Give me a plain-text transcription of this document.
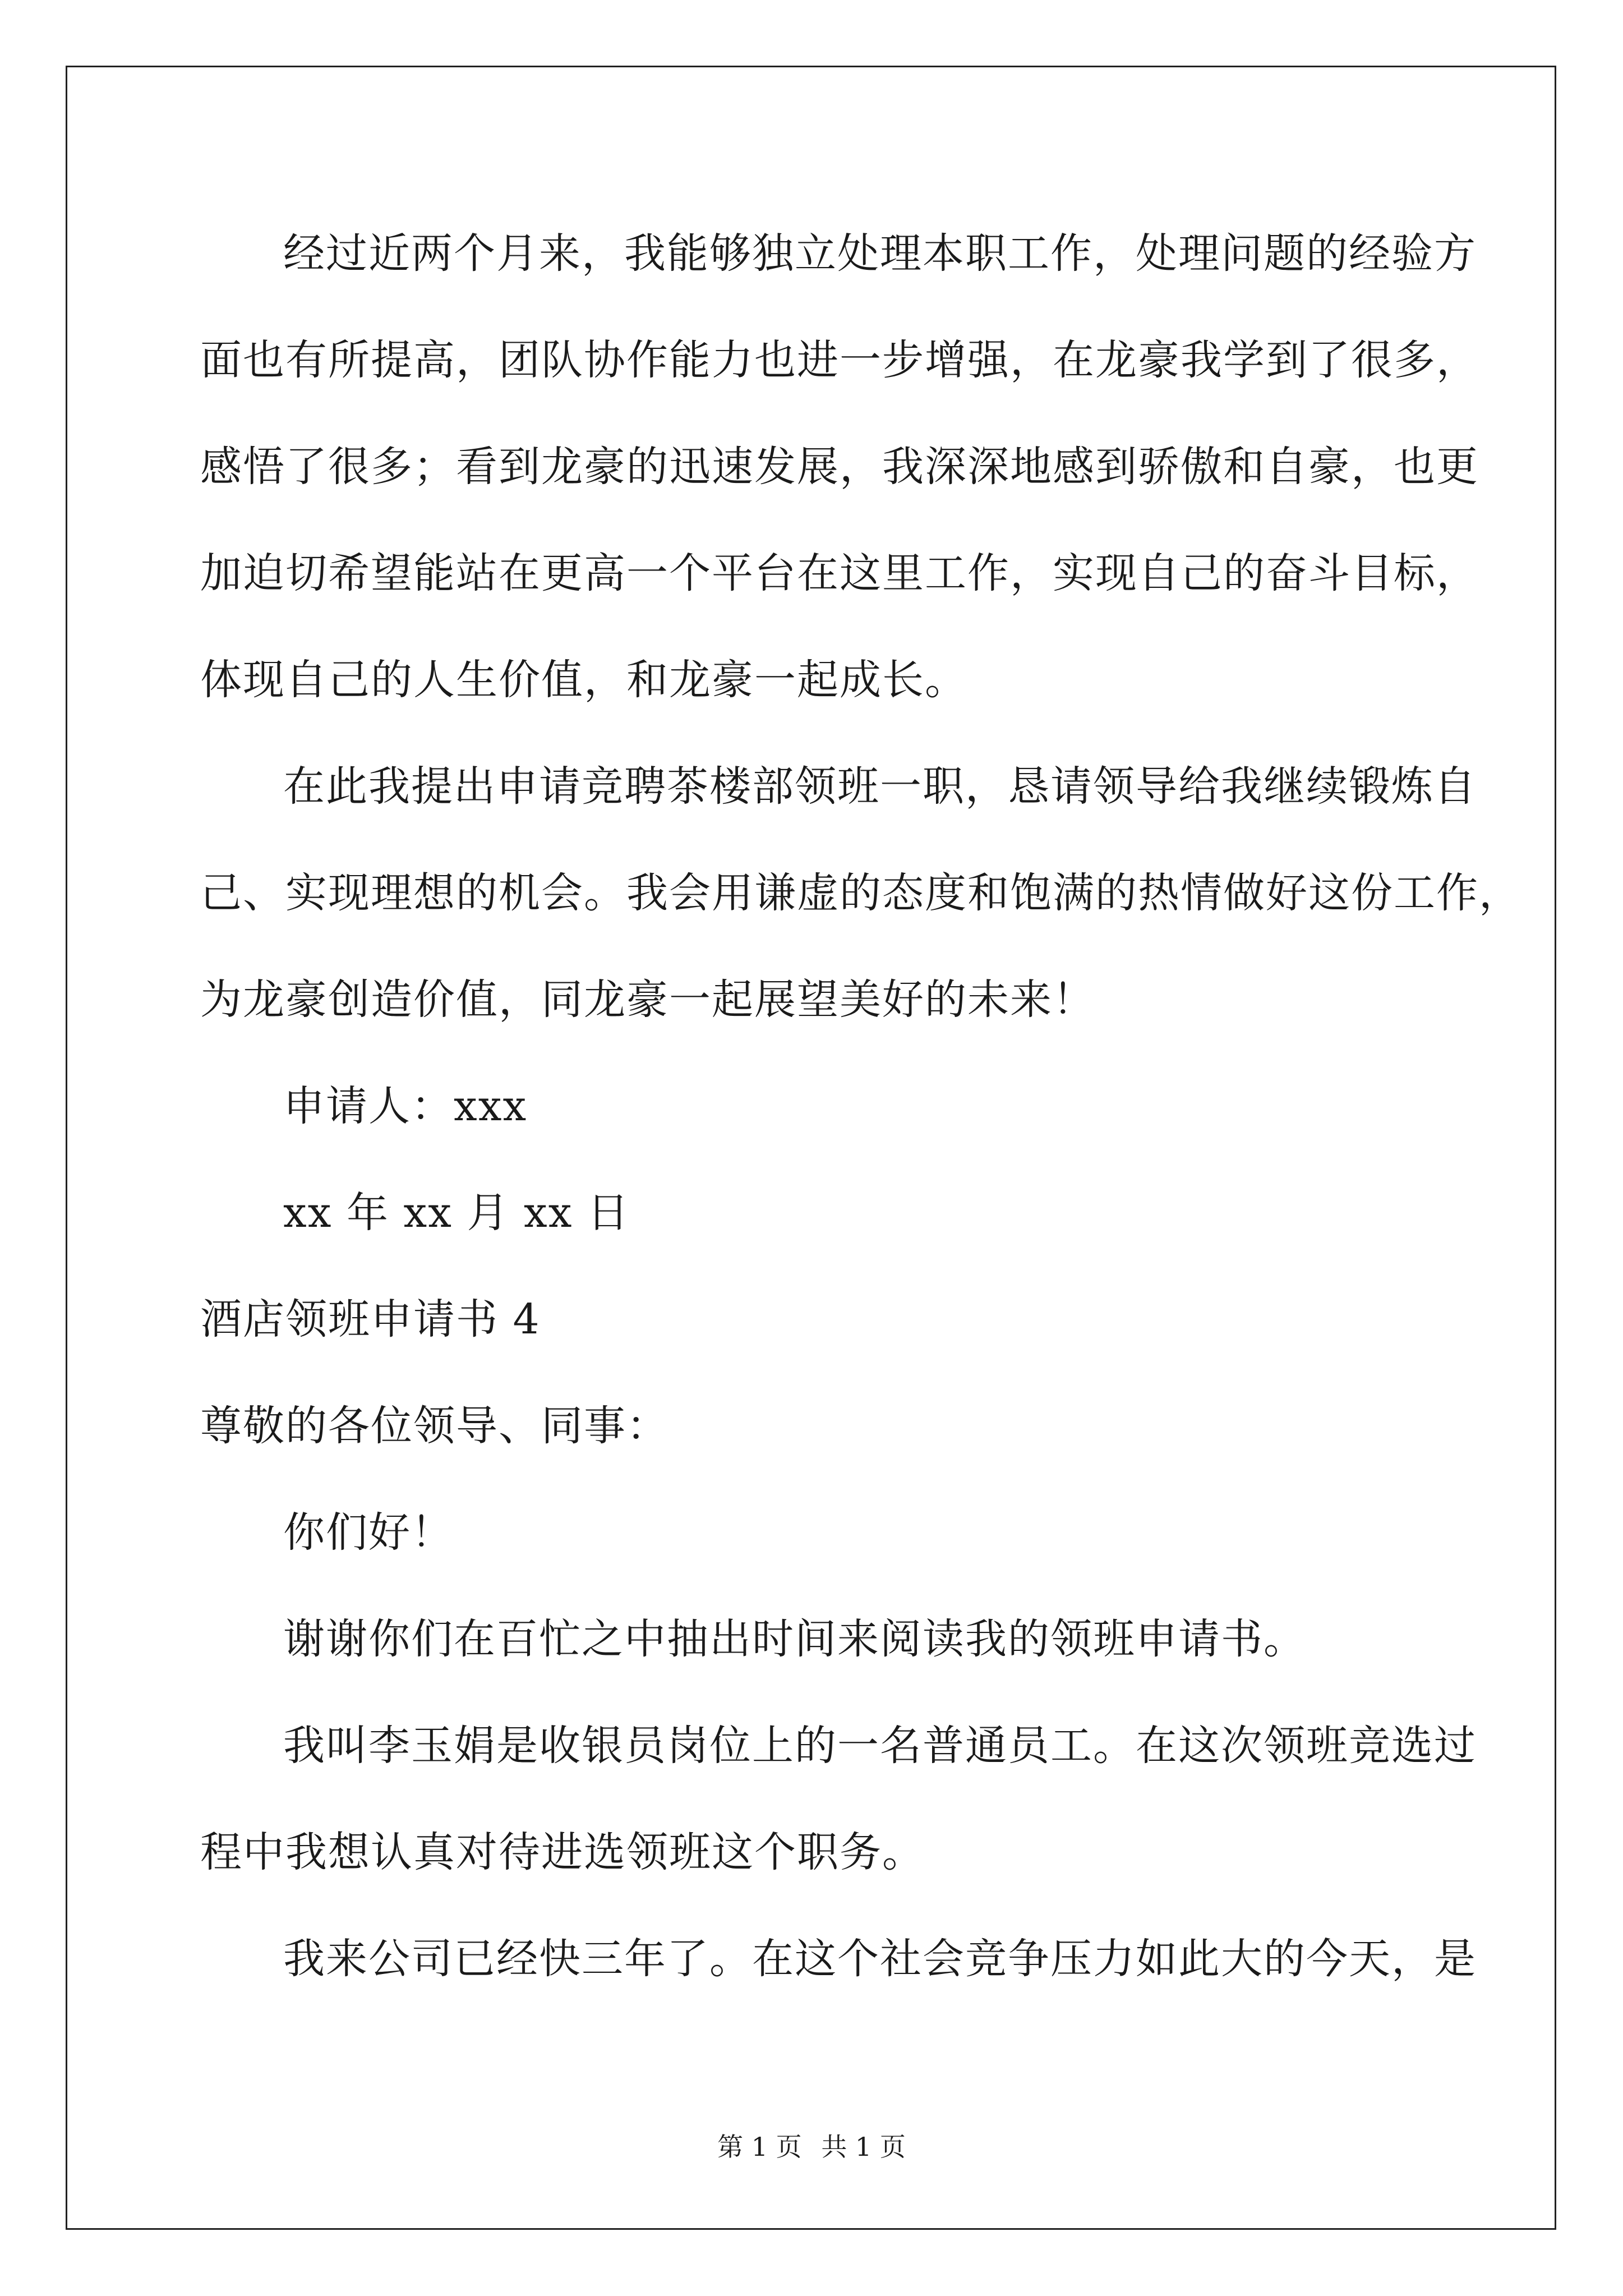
经过近两个月来，我能够独立处理本职工作，处理问题的经验方
面也有所提高，团队协作能力也进一步增强，在龙豪我学到了很多，
感悟了很多；看到龙豪的迅速发展，我深深地感到骄傲和自豪，也更
加迫切希望能站在更高一个平台在这里工作，实现自己的奋斗目标，
体现自己的人生价值，和龙豪一起成长。
在此我提出申请竞聘茶楼部领班一职，恳请领导给我继续锻炼自
己、实现理想的机会。我会用谦虚的态度和饱满的热情做好这份工作，
为龙豪创造价值，同龙豪一起展望美好的未来！
申请人：xxx
xx 年 xx 月 xx 日
酒店领班申请书 4
尊敬的各位领导、同事：
你们好！
谢谢你们在百忙之中抽出时间来阅读我的领班申请书。
我叫李玉娟是收银员岗位上的一名普通员工。在这次领班竞选过
程中我想认真对待进选领班这个职务。
我来公司已经快三年了。在这个社会竞争压力如此大的今天，是
第 1 页 共 1 页
